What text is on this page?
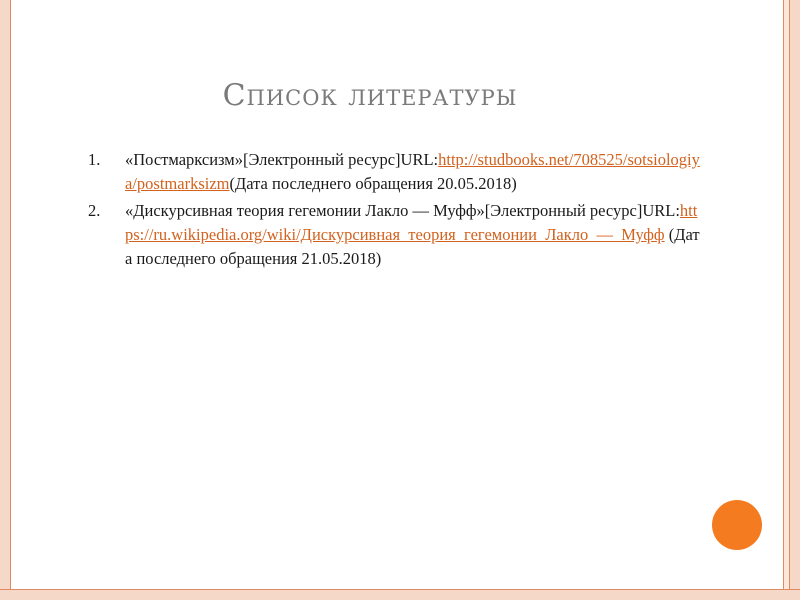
Список литературы
1. «Постмарксизм»[Электронный ресурс]URL:http://studbooks.net/708525/sotsiologiya/postmarksizm(Дата последнего обращения 20.05.2018)
2. «Дискурсивная теория гегемонии Лакло — Муфф»[Электронный ресурс]URL:https://ru.wikipedia.org/wiki/Дискурсивная_теория_гегемонии_Лакло_—_Муфф (Дата последнего обращения 21.05.2018)
